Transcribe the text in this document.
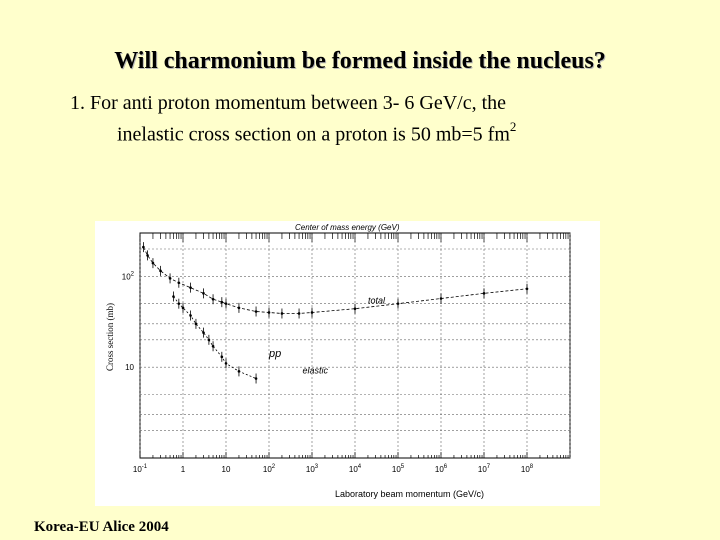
Will charmonium be formed inside the nucleus?
1. For anti proton momentum between 3- 6 GeV/c, the
inelastic cross section on a proton is 50 mb=5 $fm^2$
$10^{-1}$	1	10	$10^2$	$10^3$	$10^4$	$10^5$	$10^6$	$10^7$	$10^8$
$10^2$
10
Center of mass energy (GeV)
Laboratory beam momentum (GeV/c)
Cross section (mb)
total
pp
elastic
Korea-EU Alice 2004
